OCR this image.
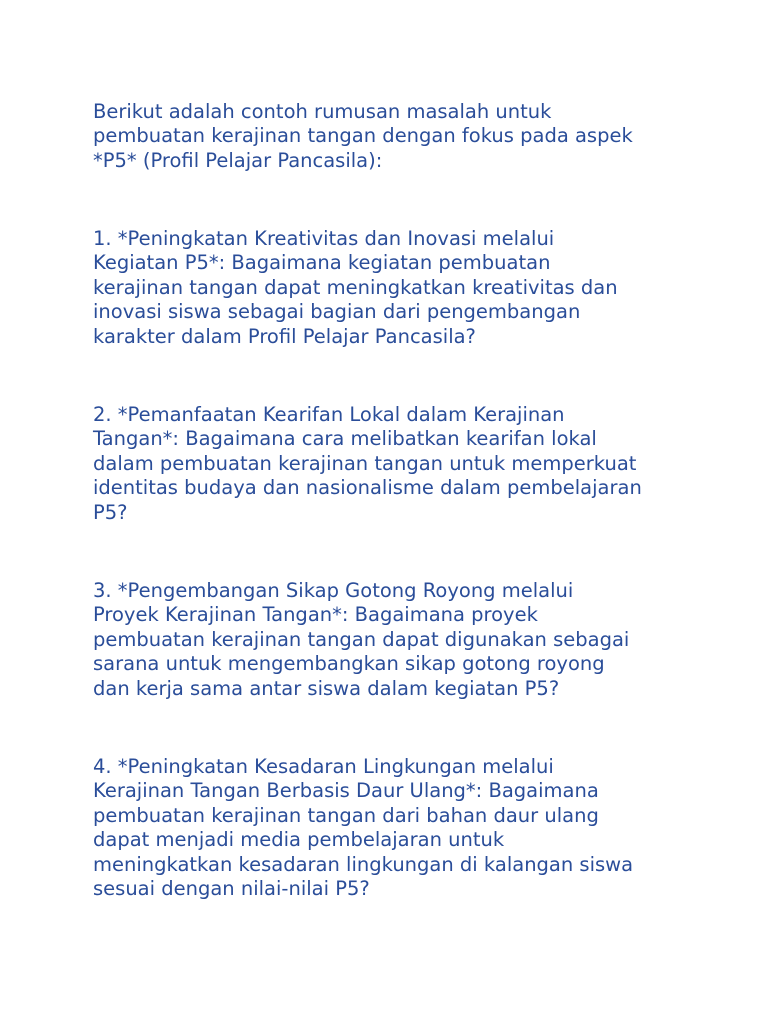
Berikut adalah contoh rumusan masalah untuk
pembuatan kerajinan tangan dengan fokus pada aspek
*P5* (Profil Pelajar Pancasila):

1. *Peningkatan Kreativitas dan Inovasi melalui
Kegiatan P5*: Bagaimana kegiatan pembuatan
kerajinan tangan dapat meningkatkan kreativitas dan
inovasi siswa sebagai bagian dari pengembangan
karakter dalam Profil Pelajar Pancasila?

2. *Pemanfaatan Kearifan Lokal dalam Kerajinan
Tangan*: Bagaimana cara melibatkan kearifan lokal
dalam pembuatan kerajinan tangan untuk memperkuat
identitas budaya dan nasionalisme dalam pembelajaran
P5?

3. *Pengembangan Sikap Gotong Royong melalui
Proyek Kerajinan Tangan*: Bagaimana proyek
pembuatan kerajinan tangan dapat digunakan sebagai
sarana untuk mengembangkan sikap gotong royong
dan kerja sama antar siswa dalam kegiatan P5?

4. *Peningkatan Kesadaran Lingkungan melalui
Kerajinan Tangan Berbasis Daur Ulang*: Bagaimana
pembuatan kerajinan tangan dari bahan daur ulang
dapat menjadi media pembelajaran untuk
meningkatkan kesadaran lingkungan di kalangan siswa
sesuai dengan nilai-nilai P5?
